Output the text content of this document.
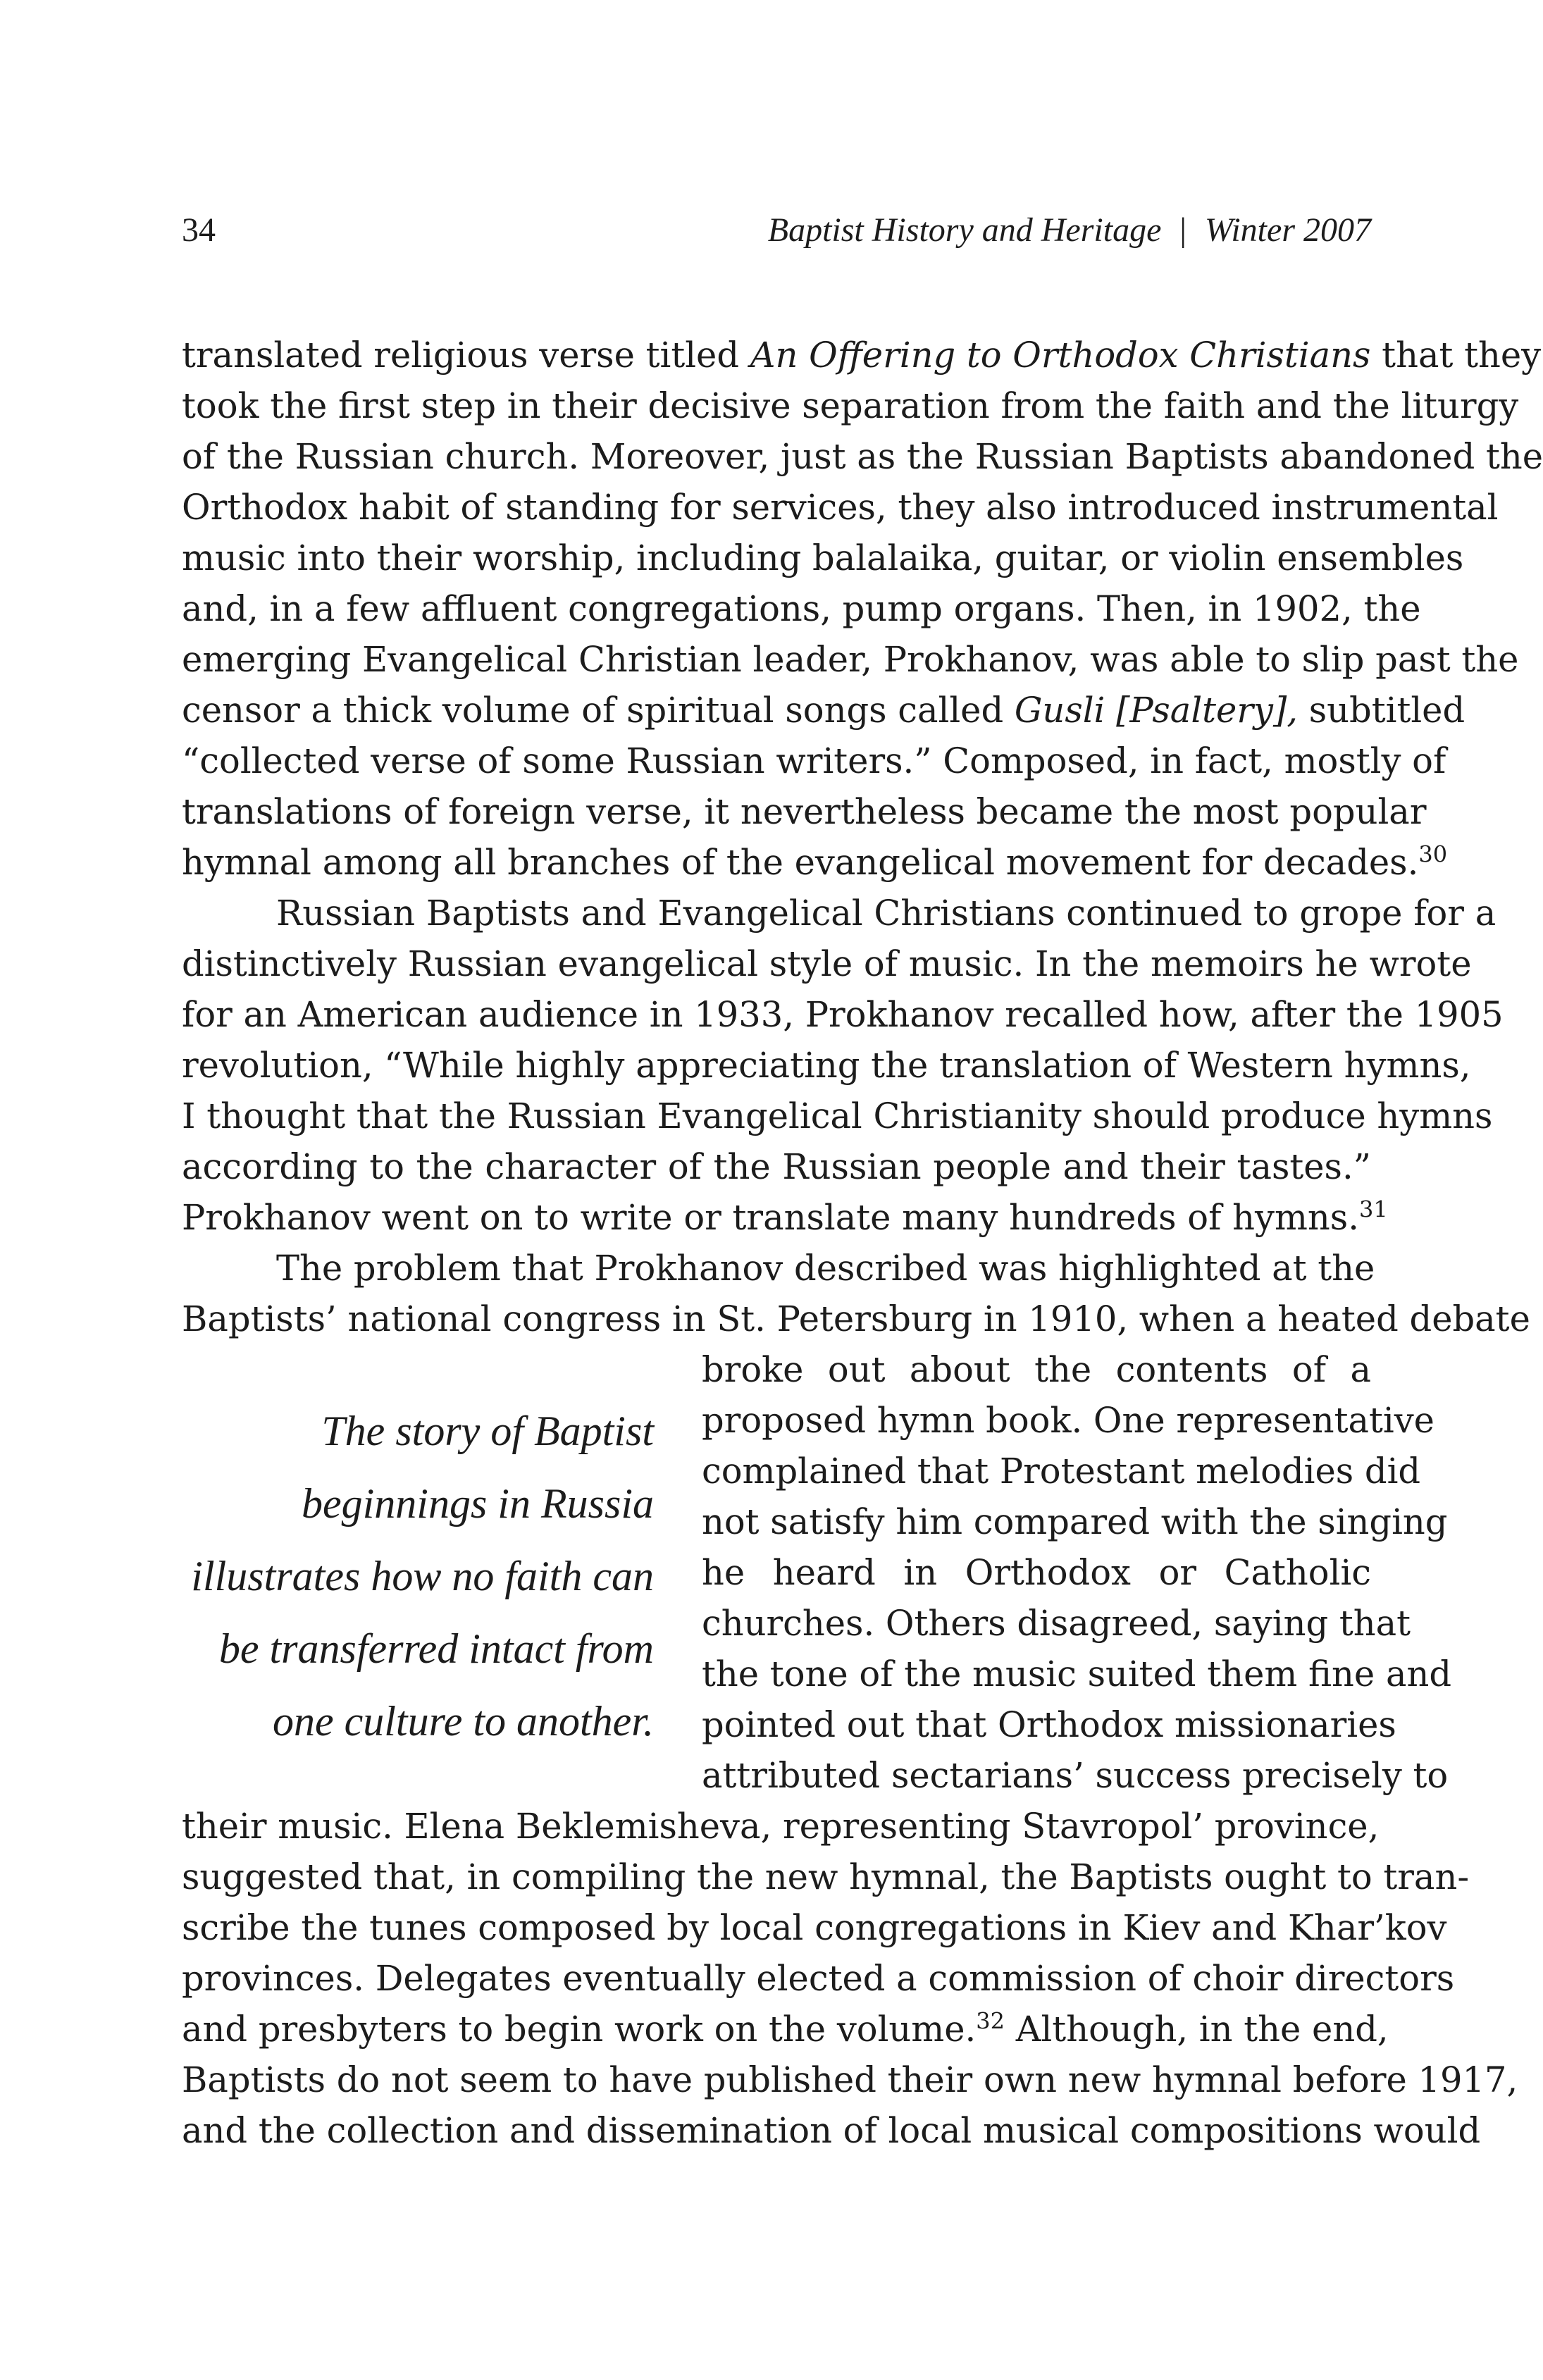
34	Baptist History and Heritage | Winter 2007
translated religious verse titled An Offering to Orthodox Christians that they
took the first step in their decisive separation from the faith and the liturgy
of the Russian church. Moreover, just as the Russian Baptists abandoned the
Orthodox habit of standing for services, they also introduced instrumental
music into their worship, including balalaika, guitar, or violin ensembles
and, in a few affluent congregations, pump organs. Then, in 1902, the
emerging Evangelical Christian leader, Prokhanov, was able to slip past the
censor a thick volume of spiritual songs called Gusli [Psaltery], subtitled
“collected verse of some Russian writers.” Composed, in fact, mostly of
translations of foreign verse, it nevertheless became the most popular
hymnal among all branches of the evangelical movement for decades.$^{30}$
Russian Baptists and Evangelical Christians continued to grope for a
distinctively Russian evangelical style of music. In the memoirs he wrote
for an American audience in 1933, Prokhanov recalled how, after the 1905
revolution, “While highly appreciating the translation of Western hymns,
I thought that the Russian Evangelical Christianity should produce hymns
according to the character of the Russian people and their tastes.”
Prokhanov went on to write or translate many hundreds of hymns.$^{31}$
The problem that Prokhanov described was highlighted at the
Baptists’ national congress in St. Petersburg in 1910, when a heated debate
broke out about the contents of a
proposed hymn book. One representative
complained that Protestant melodies did
not satisfy him compared with the singing
he heard in Orthodox or Catholic
churches. Others disagreed, saying that
the tone of the music suited them fine and
pointed out that Orthodox missionaries
attributed sectarians’ success precisely to
their music. Elena Beklemisheva, representing Stavropol’ province,
suggested that, in compiling the new hymnal, the Baptists ought to tran-
scribe the tunes composed by local congregations in Kiev and Khar’kov
provinces. Delegates eventually elected a commission of choir directors
and presbyters to begin work on the volume.$^{32}$ Although, in the end,
Baptists do not seem to have published their own new hymnal before 1917,
and the collection and dissemination of local musical compositions would
The story of Baptist
beginnings in Russia
illustrates how no faith can
be transferred intact from
one culture to another.
